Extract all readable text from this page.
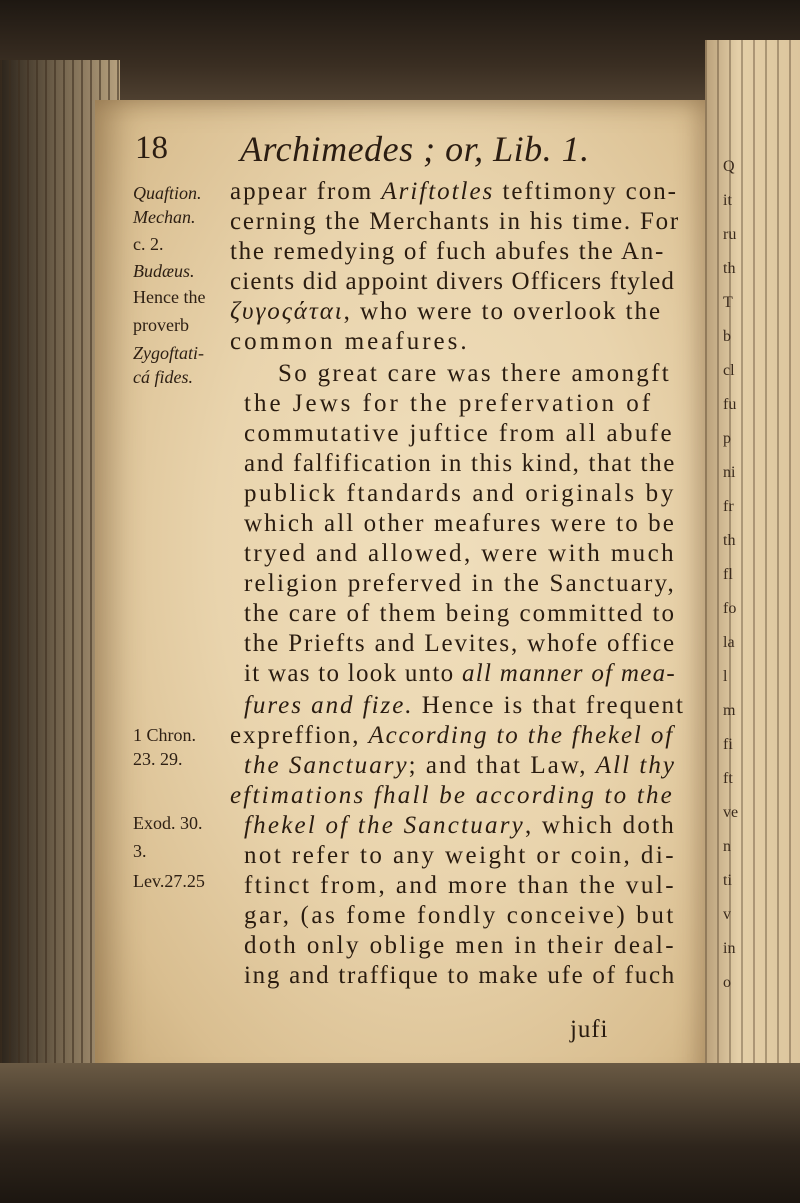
Q
it
ru
th
T
b
cl
fu
p
ni
fr
th
fl
fo
la
l
m
fi
ft
ve
n
ti
v
in
o
18 Archimedes ; or, Lib. 1.
Quaftion.
Mechan.
c. 2.
Budæus.
Hence the
proverb
Zygoftati-
cá fides.
1 Chron.
23. 29.
Exod. 30.
3.
Lev.27.25
appear from Ariftotles teftimony con-
cerning the Merchants in his time. For
the remedying of fuch abufes the An-
cients did appoint divers Officers ftyled
ζυγοςάται, who were to overlook the
common meafures.
So great care was there amongft
the Jews for the prefervation of
commutative juftice from all abufe
and falfification in this kind, that the
publick ftandards and originals by
which all other meafures were to be
tryed and allowed, were with much
religion preferved in the Sanctuary,
the care of them being committed to
the Priefts and Levites, whofe office
it was to look unto all manner of mea-
fures and fize. Hence is that frequent
expreffion, According to the fhekel of
the Sanctuary; and that Law, All thy
eftimations fhall be according to the
fhekel of the Sanctuary, which doth
not refer to any weight or coin, di-
ftinct from, and more than the vul-
gar, (as fome fondly conceive) but
doth only oblige men in their deal-
ing and traffique to make ufe of fuch
jufi
